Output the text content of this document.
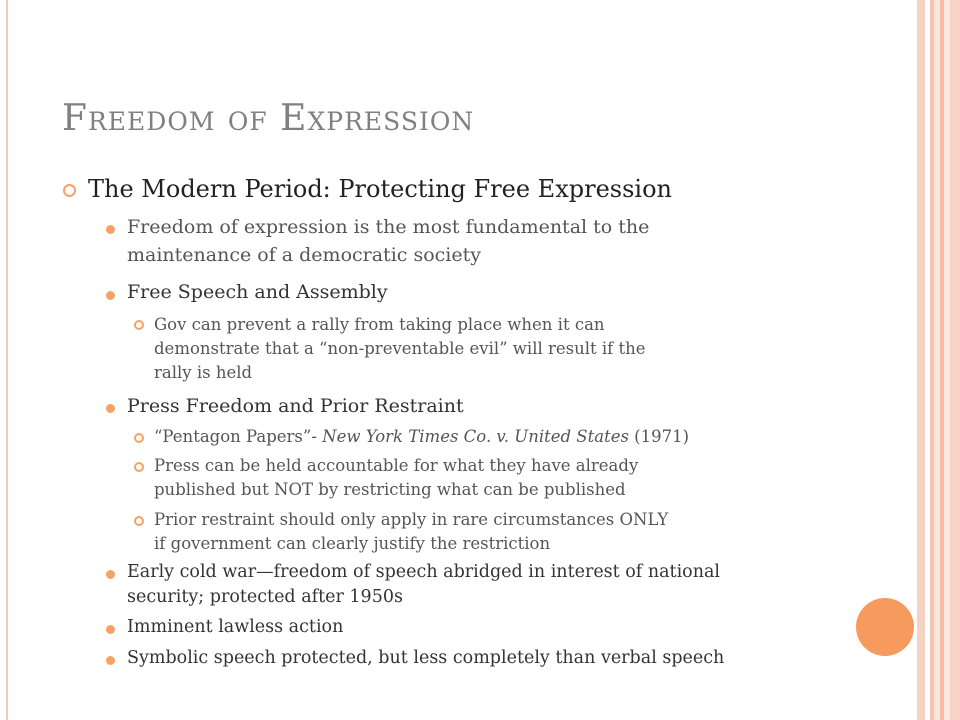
Freedom of Expression
The Modern Period: Protecting Free Expression
Freedom of expression is the most fundamental to the
maintenance of a democratic society
Free Speech and Assembly
Gov can prevent a rally from taking place when it can
demonstrate that a “non-preventable evil” will result if the
rally is held
Press Freedom and Prior Restraint
“Pentagon Papers”- New York Times Co. v. United States (1971)
Press can be held accountable for what they have already
published but NOT by restricting what can be published
Prior restraint should only apply in rare circumstances ONLY
if government can clearly justify the restriction
Early cold war—freedom of speech abridged in interest of national
security; protected after 1950s
Imminent lawless action
Symbolic speech protected, but less completely than verbal speech
